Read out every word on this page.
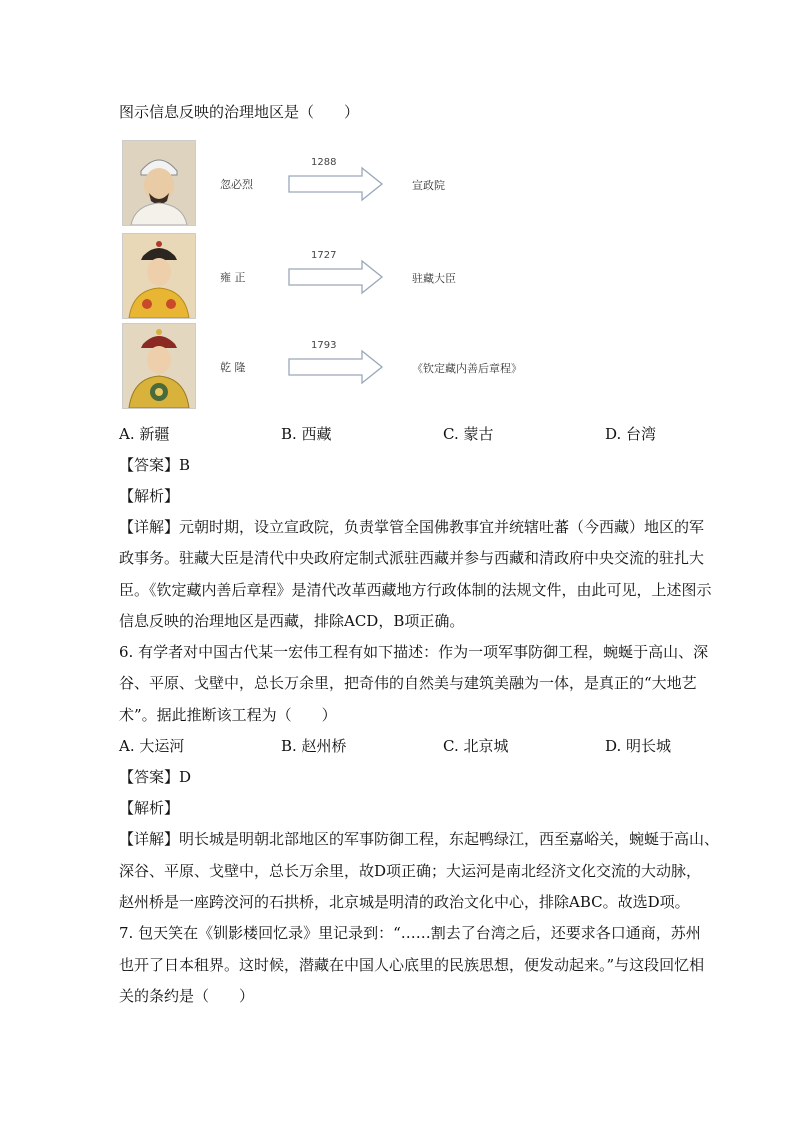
图示信息反映的治理地区是（　　）
忽必烈
1288
宣政院
雍 正
1727
驻藏大臣
乾 隆
1793
《钦定藏内善后章程》
A. 新疆	B. 西藏	C. 蒙古	D. 台湾
【答案】B
【解析】
【详解】元朝时期，设立宣政院，负责掌管全国佛教事宜并统辖吐蕃（今西藏）地区的军
政事务。驻藏大臣是清代中央政府定制式派驻西藏并参与西藏和清政府中央交流的驻扎大
臣。《钦定藏内善后章程》是清代改革西藏地方行政体制的法规文件，由此可见，上述图示
信息反映的治理地区是西藏，排除ACD，B项正确。
6. 有学者对中国古代某一宏伟工程有如下描述：作为一项军事防御工程，蜿蜒于高山、深
谷、平原、戈壁中，总长万余里，把奇伟的自然美与建筑美融为一体，是真正的“大地艺
术”。据此推断该工程为（　　）
A. 大运河	B. 赵州桥	C. 北京城	D. 明长城
【答案】D
【解析】
【详解】明长城是明朝北部地区的军事防御工程，东起鸭绿江，西至嘉峪关，蜿蜒于高山、
深谷、平原、戈壁中，总长万余里，故D项正确；大运河是南北经济文化交流的大动脉，
赵州桥是一座跨洨河的石拱桥，北京城是明清的政治文化中心，排除ABC。故选D项。
7. 包天笑在《钏影楼回忆录》里记录到：“……割去了台湾之后，还要求各口通商，苏州
也开了日本租界。这时候，潜藏在中国人心底里的民族思想，便发动起来。”与这段回忆相
关的条约是（　　）
